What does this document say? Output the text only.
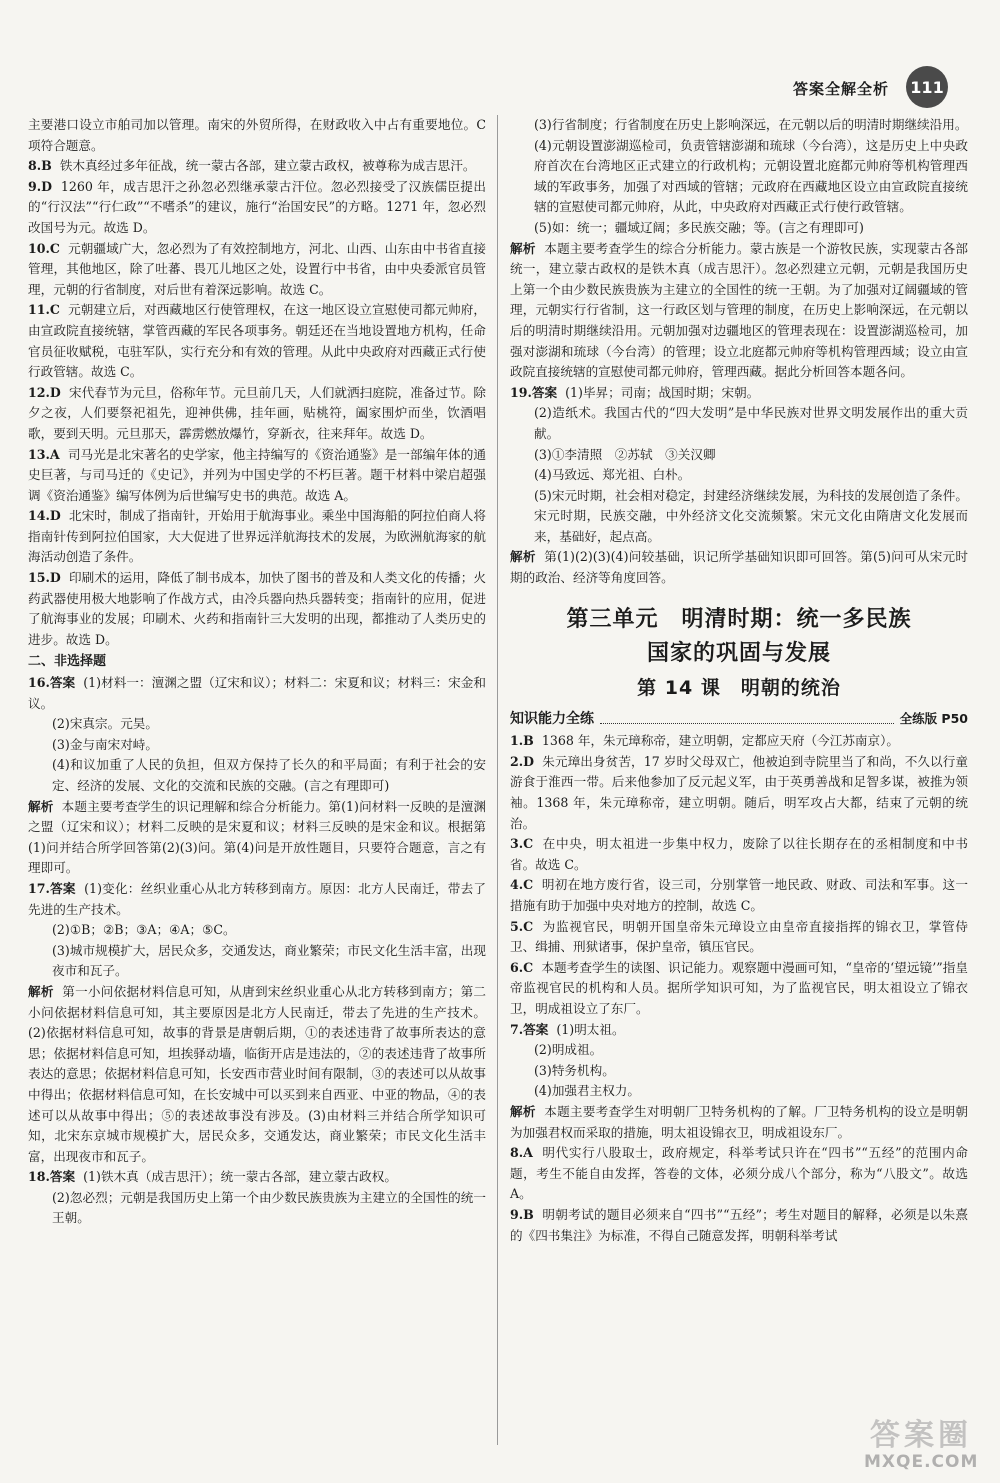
答案全解全析 111
主要港口设立市舶司加以管理。南宋的外贸所得，在财政收入中占有重要地位。C 项符合题意。
8.B 铁木真经过多年征战，统一蒙古各部，建立蒙古政权，被尊称为成吉思汗。
9.D 1260 年，成吉思汗之孙忽必烈继承蒙古汗位。忽必烈接受了汉族儒臣提出的“行汉法”“行仁政”“不嗜杀”的建议，施行“治国安民”的方略。1271 年，忽必烈改国号为元。故选 D。
10.C 元朝疆域广大，忽必烈为了有效控制地方，河北、山西、山东由中书省直接管理，其他地区，除了吐蕃、畏兀儿地区之处，设置行中书省，由中央委派官员管理，元朝的行省制度，对后世有着深远影响。故选 C。
11.C 元朝建立后，对西藏地区行使管理权，在这一地区设立宣慰使司都元帅府，由宣政院直接统辖，掌管西藏的军民各项事务。朝廷还在当地设置地方机构，任命官员征收赋税，屯驻军队，实行充分和有效的管理。从此中央政府对西藏正式行使行政管辖。故选 C。
12.D 宋代春节为元旦，俗称年节。元旦前几天，人们就洒扫庭院，准备过节。除夕之夜，人们要祭祀祖先，迎神供佛，挂年画，贴桃符，阖家围炉而坐，饮酒唱歌，要到天明。元旦那天，霹雳燃放爆竹，穿新衣，往来拜年。故选 D。
13.A 司马光是北宋著名的史学家，他主持编写的《资治通鉴》是一部编年体的通史巨著，与司马迁的《史记》，并列为中国史学的不朽巨著。题干材料中梁启超强调《资治通鉴》编写体例为后世编写史书的典范。故选 A。
14.D 北宋时，制成了指南针，开始用于航海事业。乘坐中国海船的阿拉伯商人将指南针传到阿拉伯国家，大大促进了世界远洋航海技术的发展，为欧洲航海家的航海活动创造了条件。
15.D 印刷术的运用，降低了制书成本，加快了图书的普及和人类文化的传播；火药武器使用极大地影响了作战方式，由冷兵器向热兵器转变；指南针的应用，促进了航海事业的发展；印刷术、火药和指南针三大发明的出现，都推动了人类历史的进步。故选 D。
二、非选择题
16.答案 (1)材料一：澶渊之盟（辽宋和议）；材料二：宋夏和议；材料三：宋金和议。
(2)宋真宗。元昊。
(3)金与南宋对峙。
(4)和议加重了人民的负担，但双方保持了长久的和平局面；有利于社会的安定、经济的发展、文化的交流和民族的交融。(言之有理即可)
解析 本题主要考查学生的识记理解和综合分析能力。第(1)问材料一反映的是澶渊之盟（辽宋和议）；材料二反映的是宋夏和议；材料三反映的是宋金和议。根据第(1)问并结合所学回答第(2)(3)问。第(4)问是开放性题目，只要符合题意，言之有理即可。
17.答案 (1)变化：丝织业重心从北方转移到南方。原因：北方人民南迁，带去了先进的生产技术。
(2)①B；②B；③A；④A；⑤C。
(3)城市规模扩大，居民众多，交通发达，商业繁荣；市民文化生活丰富，出现夜市和瓦子。
解析 第一小问依据材料信息可知，从唐到宋丝织业重心从北方转移到南方；第二小问依据材料信息可知，其主要原因是北方人民南迁，带去了先进的生产技术。(2)依据材料信息可知，故事的背景是唐朝后期，①的表述违背了故事所表达的意思；依据材料信息可知，坦挨驿动墙，临街开店是违法的，②的表述违背了故事所表达的意思；依据材料信息可知，长安西市营业时间有限制，③的表述可以从故事中得出；依据材料信息可知，在长安城中可以买到来自西亚、中亚的物品，④的表述可以从故事中得出；⑤的表述故事没有涉及。(3)由材料三并结合所学知识可知，北宋东京城市规模扩大，居民众多，交通发达，商业繁荣；市民文化生活丰富，出现夜市和瓦子。
18.答案 (1)铁木真（成吉思汗）；统一蒙古各部，建立蒙古政权。
(2)忽必烈；元朝是我国历史上第一个由少数民族贵族为主建立的全国性的统一王朝。
(3)行省制度；行省制度在历史上影响深远，在元朝以后的明清时期继续沿用。
(4)元朝设置澎湖巡检司，负责管辖澎湖和琉球（今台湾），这是历史上中央政府首次在台湾地区正式建立的行政机构；元朝设置北庭都元帅府等机构管理西域的军政事务，加强了对西域的管辖；元政府在西藏地区设立由宣政院直接统辖的宣慰使司都元帅府，从此，中央政府对西藏正式行使行政管辖。
(5)如：统一；疆域辽阔；多民族交融；等。(言之有理即可)
解析 本题主要考查学生的综合分析能力。蒙古族是一个游牧民族，实现蒙古各部统一，建立蒙古政权的是铁木真（成吉思汗）。忽必烈建立元朝，元朝是我国历史上第一个由少数民族贵族为主建立的全国性的统一王朝。为了加强对辽阔疆域的管理，元朝实行行省制，这一行政区划与管理的制度，在历史上影响深远，在元朝以后的明清时期继续沿用。元朝加强对边疆地区的管理表现在：设置澎湖巡检司，加强对澎湖和琉球（今台湾）的管理；设立北庭都元帅府等机构管理西域；设立由宣政院直接统辖的宣慰使司都元帅府，管理西藏。据此分析回答本题各问。
19.答案 (1)毕昇；司南；战国时期；宋朝。
(2)造纸术。我国古代的“四大发明”是中华民族对世界文明发展作出的重大贡献。
(3)①李清照　②苏轼　③关汉卿
(4)马致远、郑光祖、白朴。
(5)宋元时期，社会相对稳定，封建经济继续发展，为科技的发展创造了条件。宋元时期，民族交融，中外经济文化交流频繁。宋元文化由隋唐文化发展而来，基础好，起点高。
解析 第(1)(2)(3)(4)问较基础，识记所学基础知识即可回答。第(5)问可从宋元时期的政治、经济等角度回答。
第三单元　明清时期：统一多民族
国家的巩固与发展
第 14 课　明朝的统治
知识能力全练	全练版 P50
1.B 1368 年，朱元璋称帝，建立明朝，定都应天府（今江苏南京）。
2.D 朱元璋出身贫苦，17 岁时父母双亡，他被迫到寺院里当了和尚，不久以行童游食于淮西一带。后来他参加了反元起义军，由于英勇善战和足智多谋，被推为领袖。1368 年，朱元璋称帝，建立明朝。随后，明军攻占大都，结束了元朝的统治。
3.C 在中央，明太祖进一步集中权力，废除了以往长期存在的丞相制度和中书省。故选 C。
4.C 明初在地方废行省，设三司，分别掌管一地民政、财政、司法和军事。这一措施有助于加强中央对地方的控制，故选 C。
5.C 为监视官民，明朝开国皇帝朱元璋设立由皇帝直接指挥的锦衣卫，掌管侍卫、缉捕、刑狱诸事，保护皇帝，镇压官民。
6.C 本题考查学生的读图、识记能力。观察题中漫画可知，“皇帝的‘望远镜’”指皇帝监视官民的机构和人员。据所学知识可知，为了监视官民，明太祖设立了锦衣卫，明成祖设立了东厂。
7.答案 (1)明太祖。
(2)明成祖。
(3)特务机构。
(4)加强君主权力。
解析 本题主要考查学生对明朝厂卫特务机构的了解。厂卫特务机构的设立是明朝为加强君权而采取的措施，明太祖设锦衣卫，明成祖设东厂。
8.A 明代实行八股取士，政府规定，科举考试只许在“四书”“五经”的范围内命题，考生不能自由发挥，答卷的文体，必须分成八个部分，称为“八股文”。故选 A。
9.B 明朝考试的题目必须来自“四书”“五经”；考生对题目的解释，必须是以朱熹的《四书集注》为标准，不得自己随意发挥，明朝科举考试
答案圈
MXQE.COM
